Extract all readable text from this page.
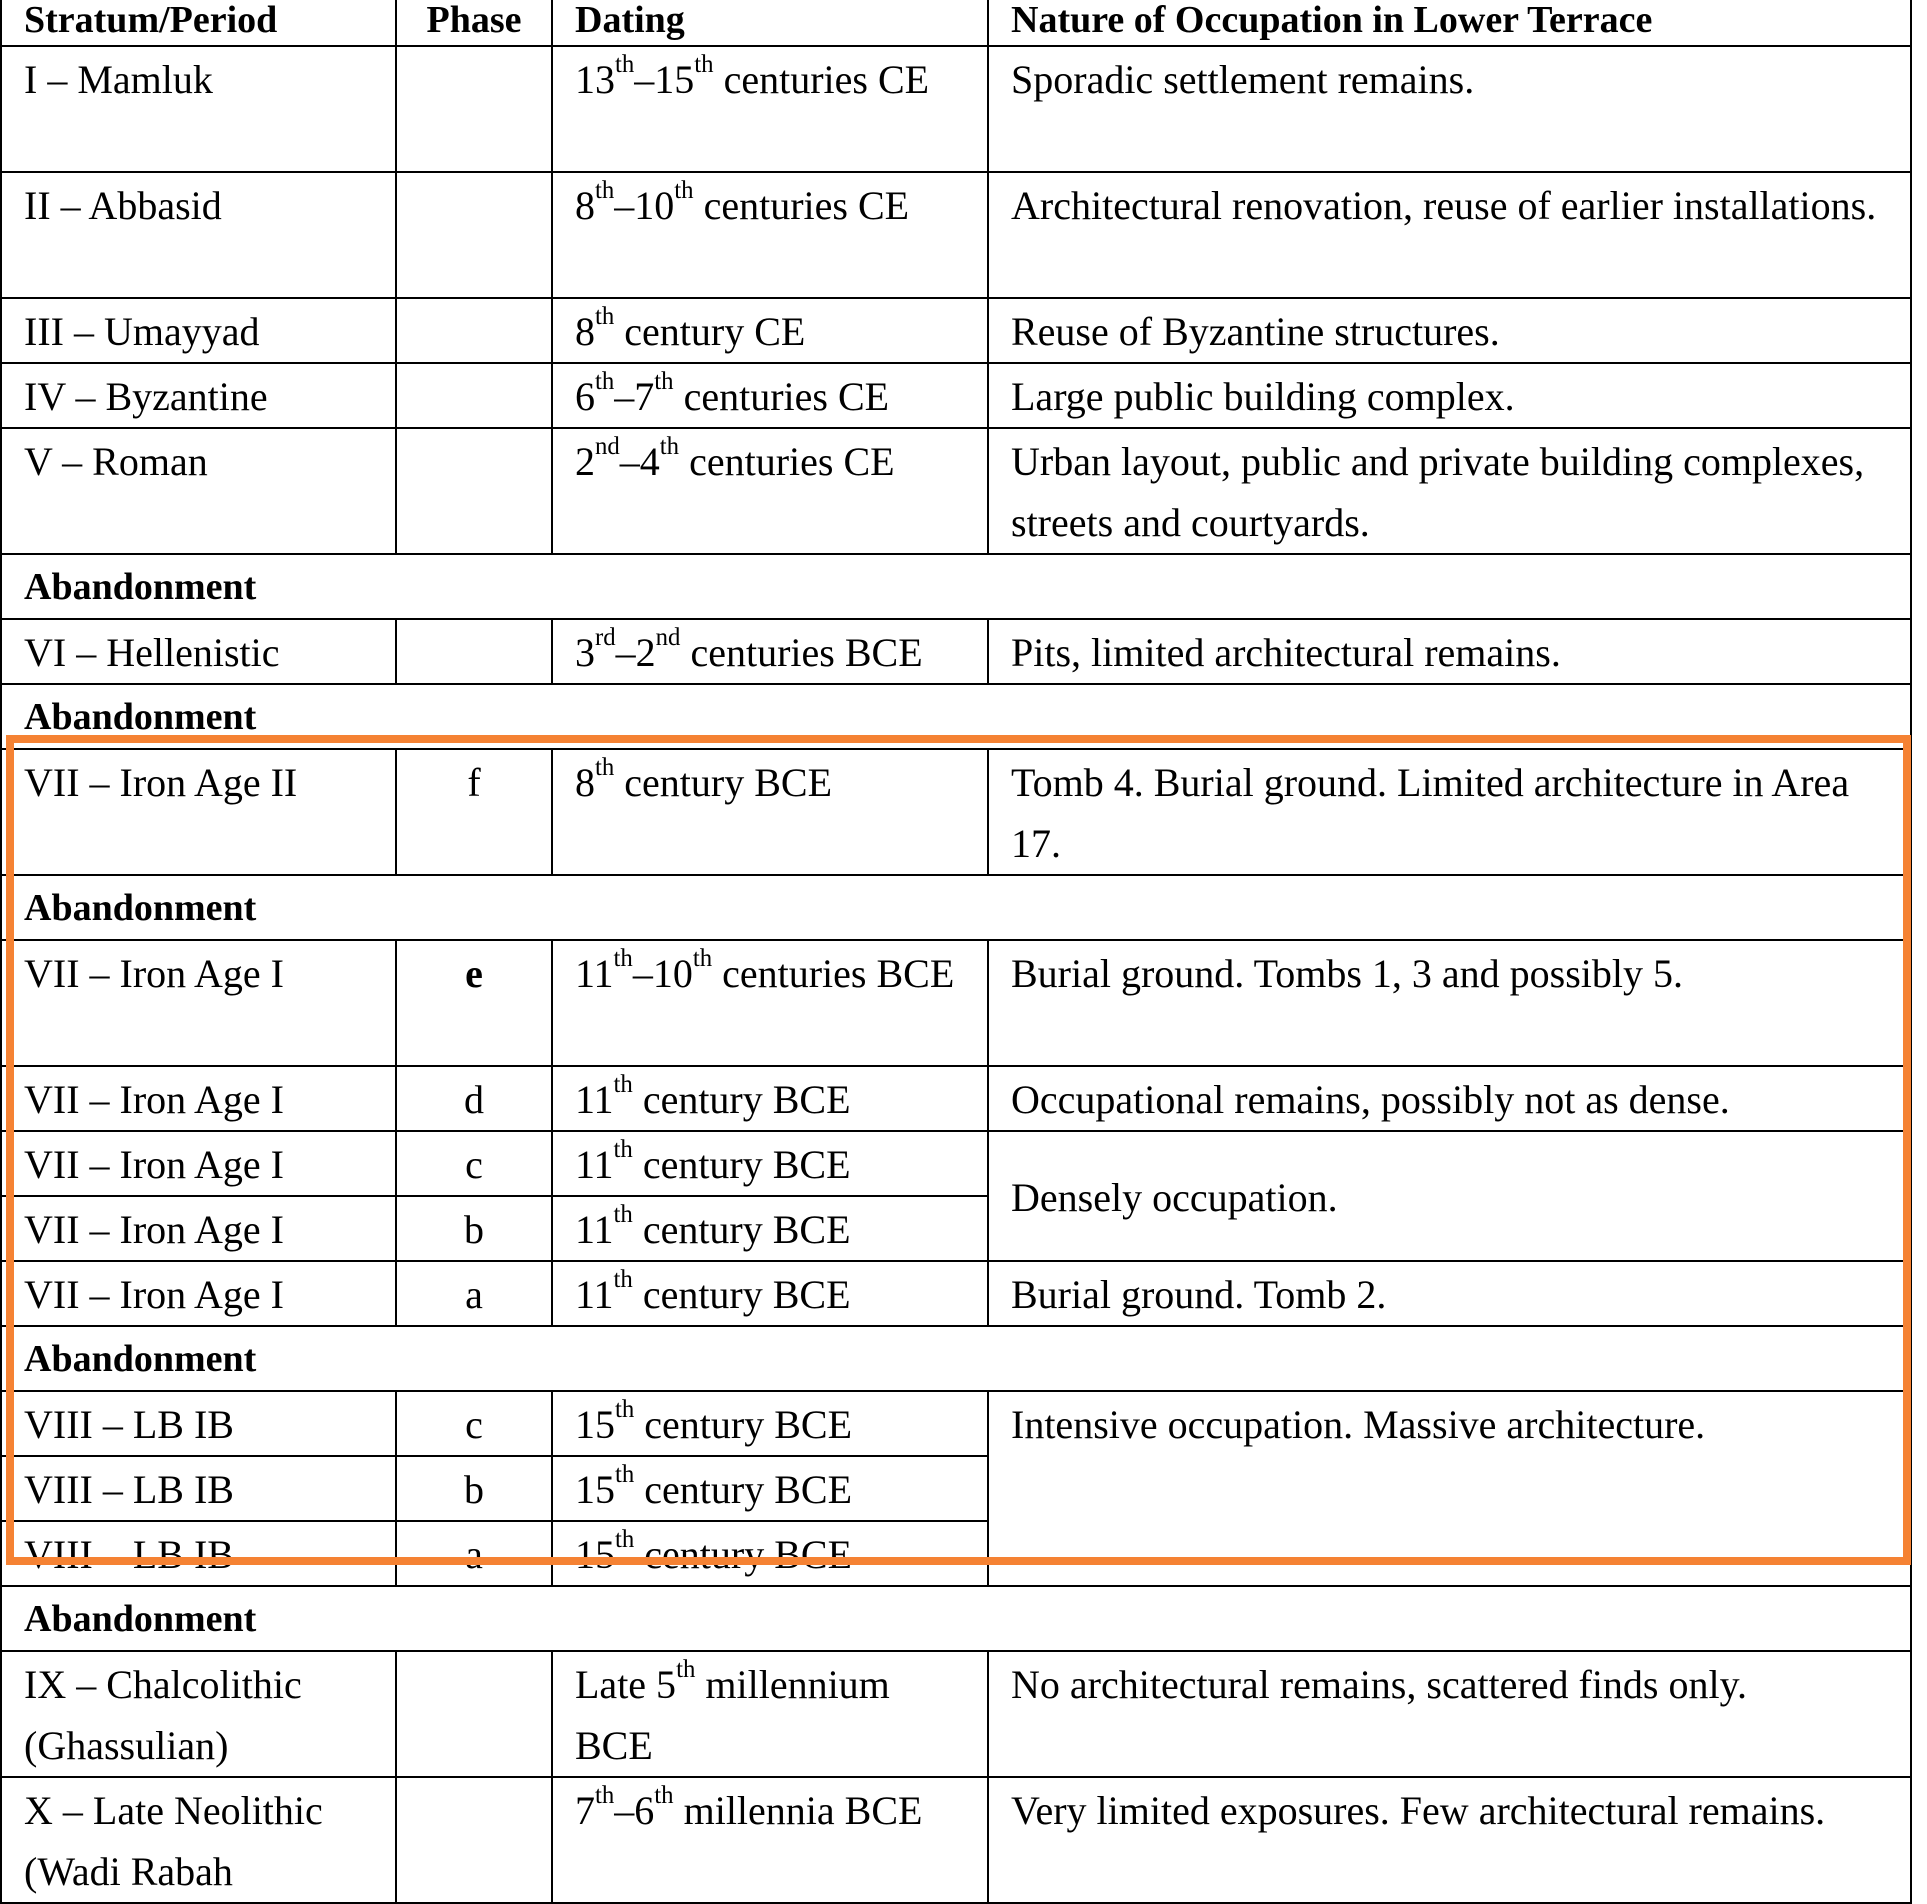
Stratum/Period	Phase	Dating	Nature of Occupation in Lower Terrace
I – Mamluk		13th–15th centuries CE	Sporadic settlement remains.
II – Abbasid		8th–10th centuries CE	Architectural renovation, reuse of earlier installations.
III – Umayyad		8th century CE	Reuse of Byzantine structures.
IV – Byzantine		6th–7th centuries CE	Large public building complex.
V – Roman		2nd–4th centuries CE	Urban layout, public and private building complexes, streets and courtyards.
Abandonment			
VI – Hellenistic		3rd–2nd centuries BCE	Pits, limited architectural remains.
Abandonment			
VII – Iron Age II	f	8th century BCE	Tomb 4. Burial ground. Limited architecture in Area 17.
Abandonment			
VII – Iron Age I	e	11th–10th centuries BCE	Burial ground. Tombs 1, 3 and possibly 5.
VII – Iron Age I	d	11th century BCE	Occupational remains, possibly not as dense.
VII – Iron Age I	c	11th century BCE	Densely occupation.
VII – Iron Age I	b	11th century BCE	
VII – Iron Age I	a	11th century BCE	Burial ground. Tomb 2.
Abandonment			
VIII – LB IB	c	15th century BCE	Intensive occupation. Massive architecture.
VIII – LB IB	b	15th century BCE	
VIII – LB IB	a	15th century BCE	
Abandonment			
IX – Chalcolithic (Ghassulian)		Late 5th millennium BCE	No architectural remains, scattered finds only.
X – Late Neolithic (Wadi Rabah		7th–6th millennia BCE	Very limited exposures. Few architectural remains.
